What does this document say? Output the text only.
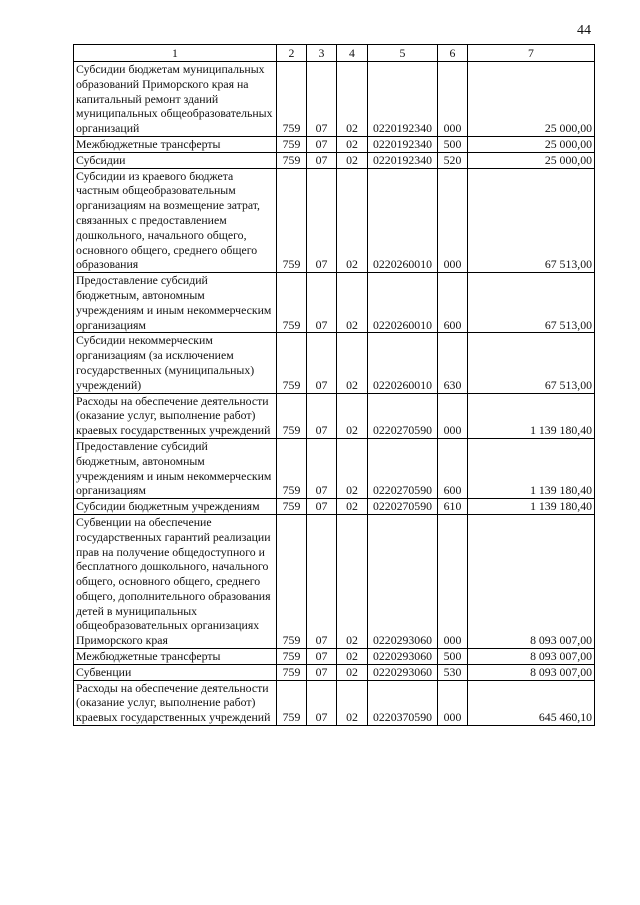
44
1	2	3	4	5	6	7
Субсидии бюджетам муниципальных образований Приморского края на капитальный ремонт зданий муниципальных общеобразовательных организаций	759	07	02	0220192340	000	25 000,00
Межбюджетные трансферты	759	07	02	0220192340	500	25 000,00
Субсидии	759	07	02	0220192340	520	25 000,00
Субсидии из краевого бюджета частным общеобразовательным организациям на возмещение затрат, связанных с предоставлением дошкольного, начального общего, основного общего, среднего общего образования	759	07	02	0220260010	000	67 513,00
Предоставление субсидий бюджетным, автономным учреждениям и иным некоммерческим организациям	759	07	02	0220260010	600	67 513,00
Субсидии некоммерческим организациям (за исключением государственных (муниципальных) учреждений)	759	07	02	0220260010	630	67 513,00
Расходы на обеспечение деятельности (оказание услуг, выполнение работ) краевых государственных учреждений	759	07	02	0220270590	000	1 139 180,40
Предоставление субсидий бюджетным, автономным учреждениям и иным некоммерческим организациям	759	07	02	0220270590	600	1 139 180,40
Субсидии бюджетным учреждениям	759	07	02	0220270590	610	1 139 180,40
Субвенции на обеспечение государственных гарантий реализации прав на получение общедоступного и бесплатного дошкольного, начального общего, основного общего, среднего общего, дополнительного образования детей в муниципальных общеобразовательных организациях Приморского края	759	07	02	0220293060	000	8 093 007,00
Межбюджетные трансферты	759	07	02	0220293060	500	8 093 007,00
Субвенции	759	07	02	0220293060	530	8 093 007,00
Расходы на обеспечение деятельности (оказание услуг, выполнение работ) краевых государственных учреждений	759	07	02	0220370590	000	645 460,10
